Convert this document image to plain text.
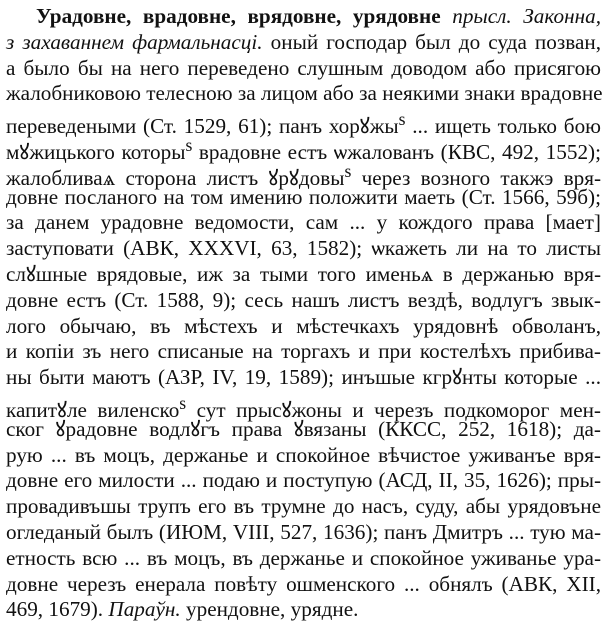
Урадовне, врадовне, врядовне, урядовне прысл. Законна,
з захаваннем фармальнасці. оный господар был до суда позван,
а было бы на него переведено слушным доводом або присягою
жалобниковою телесною за лицом або за неякими знаки врадовне
переведеными (Ст. 1529, 61); панъ хорꙋжы$^s$ ... ищеть только бою
мꙋжицького которы$^s$ врадовне естъ ѡжалованъ (КВС, 492, 1552);
жалобливаѧ сторона листъ ꙋрꙋдовы$^s$ через возного такжэ вря-
довне посланого на том имению положити маеть (Ст. 1566, 59б);
за данем урадовне ведомости, сам ... у кождого права [мает]
заступовати (АВК, XXXVI, 63, 1582); ѡкажеть ли на то листы
слꙋшные врядовые, иж за тыми того именьѧ в держанью вря-
довне естъ (Ст. 1588, 9); сесь нашъ листъ вездѣ, водлугъ звык-
лого обычаю, въ мѣстехъ и мѣстечкахъ урядовнѣ обволанъ,
и копіи зъ него списаные на торгахъ и при костелѣхъ прибива-
ны быти маютъ (АЗР, IV, 19, 1589); инъшые кгрꙋнты которые ...
капитꙋле виленско$^s$ сут прысꙋжоны и черезъ подкоморог мен-
ског ꙋрадовне водлꙋгъ права ꙋвязаны (ККСС, 252, 1618); да-
рую ... въ моцъ, держанье и спокойное вѣчистое уживанъе вря-
довне его милости ... подаю и поступую (АСД, II, 35, 1626); пры-
провадивъшы трупъ его въ трумне до насъ, суду, абы урядовъне
огледаный былъ (ИЮМ, VIII, 527, 1636); панъ Дмитръ ... тую ма-
етность всю ... въ моцъ, въ держанье и спокойное уживанье урa-
довне черезъ енерала повѣту ошменского ... обнялъ (АВК, XII,
469, 1679). Параўн. урендовне, урядне.
